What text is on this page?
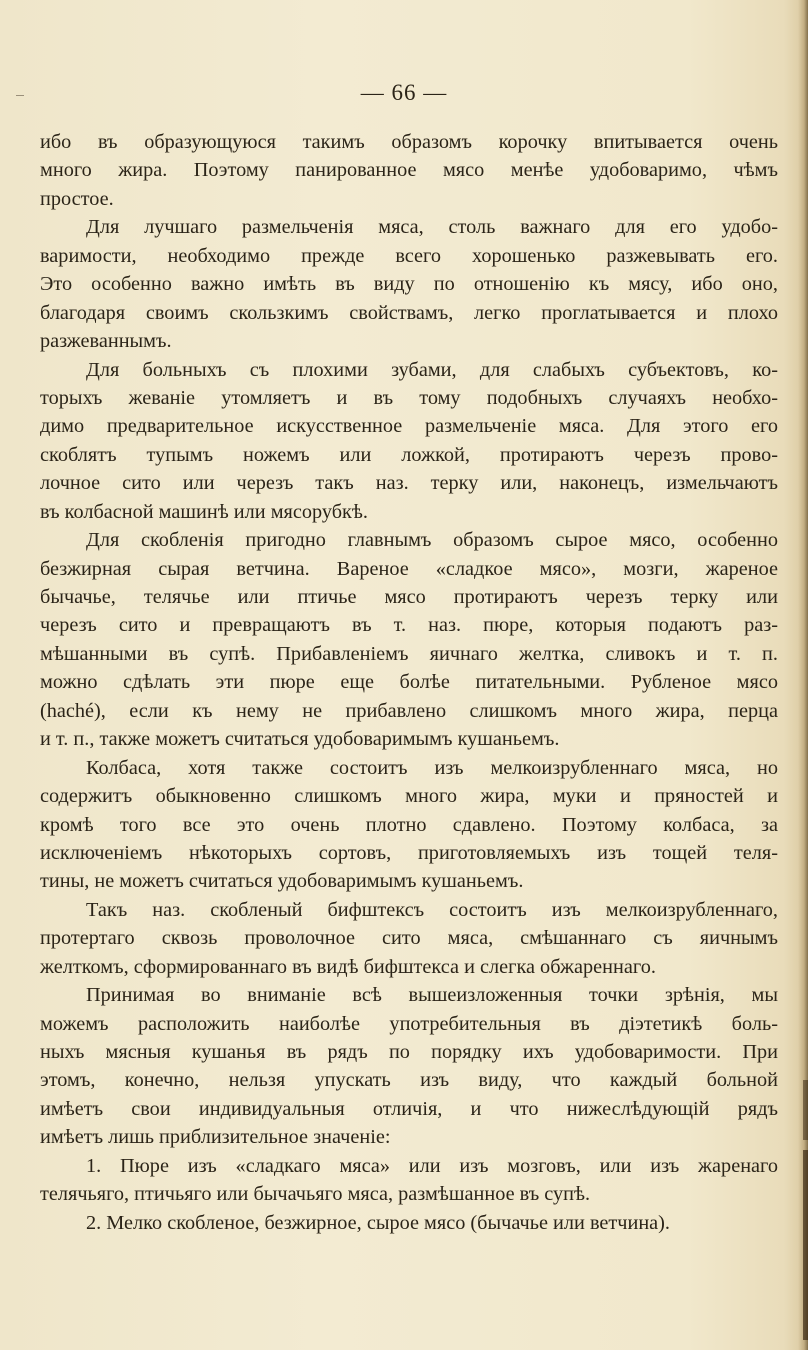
— 66 —
ибо въ образующуюся такимъ образомъ корочку впитывается очень
много жира. Поэтому панированное мясо менѣе удобоваримо, чѣмъ
простое.
Для лучшаго размельченія мяса, столь важнаго для его удобо-
варимости, необходимо прежде всего хорошенько разжевывать его.
Это особенно важно имѣть въ виду по отношенію къ мясу, ибо оно,
благодаря своимъ скользкимъ свойствамъ, легко проглатывается и плохо
разжеваннымъ.
Для больныхъ съ плохими зубами, для слабыхъ субъектовъ, ко-
торыхъ жеваніе утомляетъ и въ тому подобныхъ случаяхъ необхо-
димо предварительное искусственное размельченіе мяса. Для этого его
скоблятъ тупымъ ножемъ или ложкой, протираютъ черезъ прово-
лочное сито или черезъ такъ наз. терку или, наконецъ, измельчаютъ
въ колбасной машинѣ или мясорубкѣ.
Для скобленія пригодно главнымъ образомъ сырое мясо, особенно
безжирная сырая ветчина. Вареное «сладкое мясо», мозги, жареное
бычачье, телячье или птичье мясо протираютъ черезъ терку или
черезъ сито и превращаютъ въ т. наз. пюре, которыя подаютъ раз-
мѣшанными въ супѣ. Прибавленіемъ яичнаго желтка, сливокъ и т. п.
можно сдѣлать эти пюре еще болѣе питательными. Рубленое мясо
(haché), если къ нему не прибавлено слишкомъ много жира, перца
и т. п., также можетъ считаться удобоваримымъ кушаньемъ.
Колбаса, хотя также состоитъ изъ мелкоизрубленнаго мяса, но
содержитъ обыкновенно слишкомъ много жира, муки и пряностей и
кромѣ того все это очень плотно сдавлено. Поэтому колбаса, за
исключеніемъ нѣкоторыхъ сортовъ, приготовляемыхъ изъ тощей теля-
тины, не можетъ считаться удобоваримымъ кушаньемъ.
Такъ наз. скобленый бифштексъ состоитъ изъ мелкоизрубленнаго,
протертаго сквозь проволочное сито мяса, смѣшаннаго съ яичнымъ
желткомъ, сформированнаго въ видѣ бифштекса и слегка обжареннаго.
Принимая во вниманіе всѣ вышеизложенныя точки зрѣнія, мы
можемъ расположить наиболѣе употребительныя въ діэтетикѣ боль-
ныхъ мясныя кушанья въ рядъ по порядку ихъ удобоваримости. При
этомъ, конечно, нельзя упускать изъ виду, что каждый больной
имѣетъ свои индивидуальныя отличія, и что нижеслѣдующій рядъ
имѣетъ лишь приблизительное значеніе:
1. Пюре изъ «сладкаго мяса» или изъ мозговъ, или изъ жаренаго
телячьяго, птичьяго или бычачьяго мяса, размѣшанное въ супѣ.
2. Мелко скобленое, безжирное, сырое мясо (бычачье или ветчина).
